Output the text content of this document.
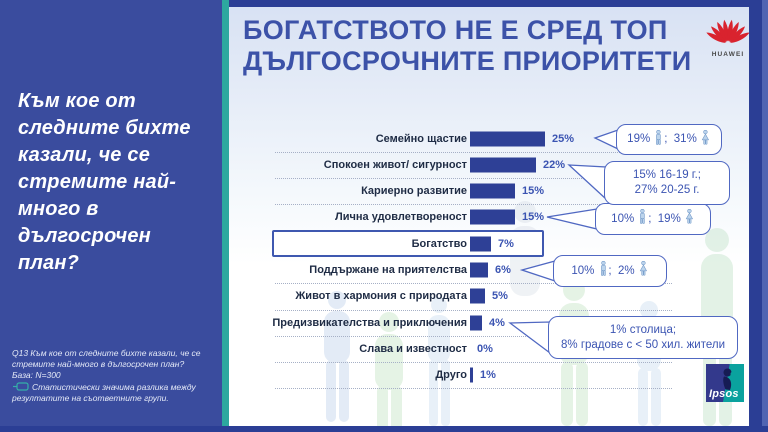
Към кое от следните бихте казали, че се стремите най-много в дългосрочен план?
Q13 Към кое от следните бихте казали, че се стремите най-много в дългосрочен план?
База: N=300
Статистически значима разлика между резултатите на съответните групи.
БОГАТСТВОТО НЕ Е СРЕД ТОП ДЪЛГОСРОЧНИТЕ ПРИОРИТЕТИ	HUAWEI
Семейно щастие	25%
Спокоен живот/ сигурност	22%
Кариерно развитие	15%
Лична удовлетвореност	15%
Богатство	7%
Поддържане на приятелства	6%
Живот в хармония с природата 5%
Предизвикателства и приключения 4%
Слава и известност 0%
Друго 1%
1% столица;
8% градове с < 50 хил. жители
10% ;  2%
10% ;  19%
15% 16-19 г.;
27% 20-25 г.
19% ;  31%
Ipsos
